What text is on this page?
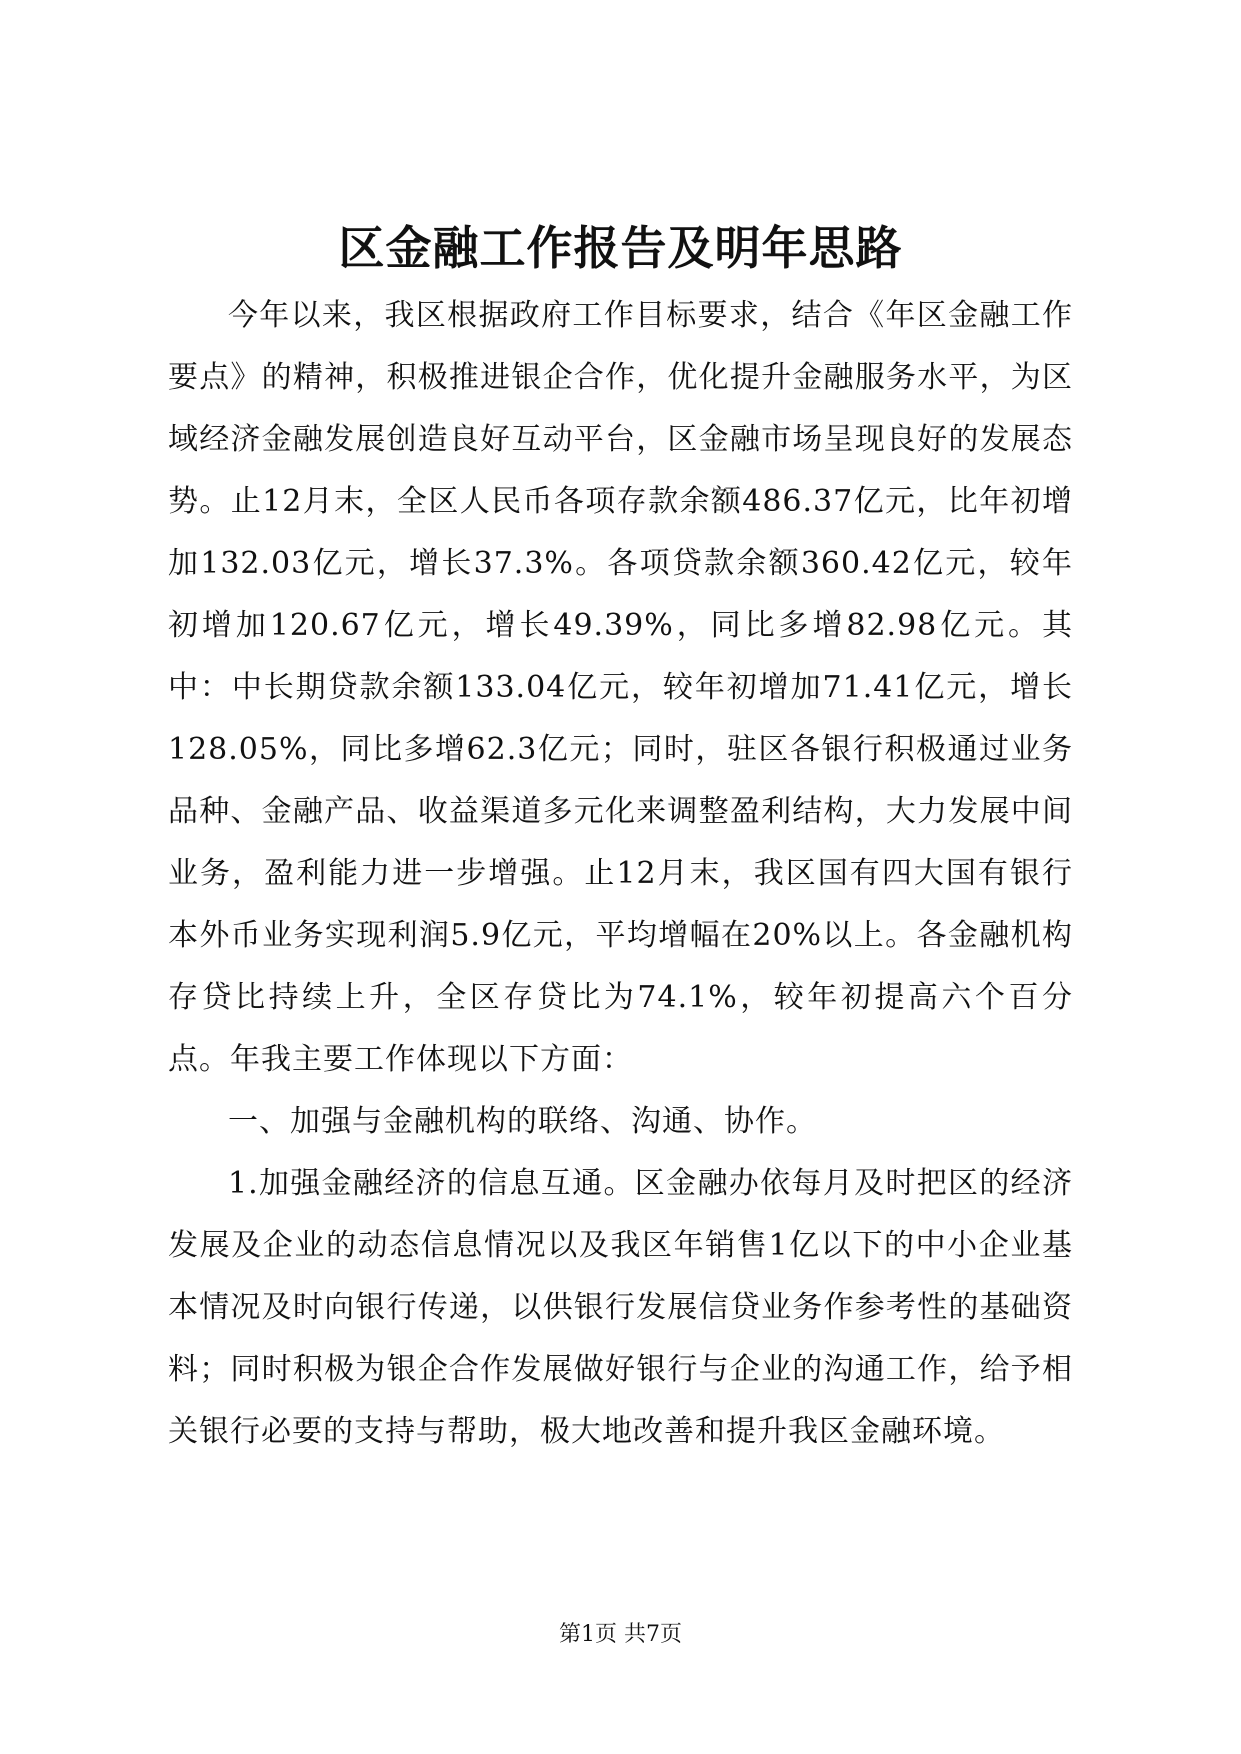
区金融工作报告及明年思路

今年以来，我区根据政府工作目标要求，结合《年区金融工作要点》的精神，积极推进银企合作，优化提升金融服务水平，为区域经济金融发展创造良好互动平台，区金融市场呈现良好的发展态势。止12月末，全区人民币各项存款余额486.37亿元，比年初增加132.03亿元，增长37.3%。各项贷款余额360.42亿元，较年初增加120.67亿元，增长49.39%，同比多增82.98亿元。其中：中长期贷款余额133.04亿元，较年初增加71.41亿元，增长128.05%，同比多增62.3亿元；同时，驻区各银行积极通过业务品种、金融产品、收益渠道多元化来调整盈利结构，大力发展中间业务，盈利能力进一步增强。止12月末，我区国有四大国有银行本外币业务实现利润5.9亿元，平均增幅在20%以上。各金融机构存贷比持续上升，全区存贷比为74.1%，较年初提高六个百分点。年我主要工作体现以下方面：

一、加强与金融机构的联络、沟通、协作。

1.加强金融经济的信息互通。区金融办依每月及时把区的经济发展及企业的动态信息情况以及我区年销售1亿以下的中小企业基本情况及时向银行传递，以供银行发展信贷业务作参考性的基础资料；同时积极为银企合作发展做好银行与企业的沟通工作，给予相关银行必要的支持与帮助，极大地改善和提升我区金融环境。

第1页 共7页
